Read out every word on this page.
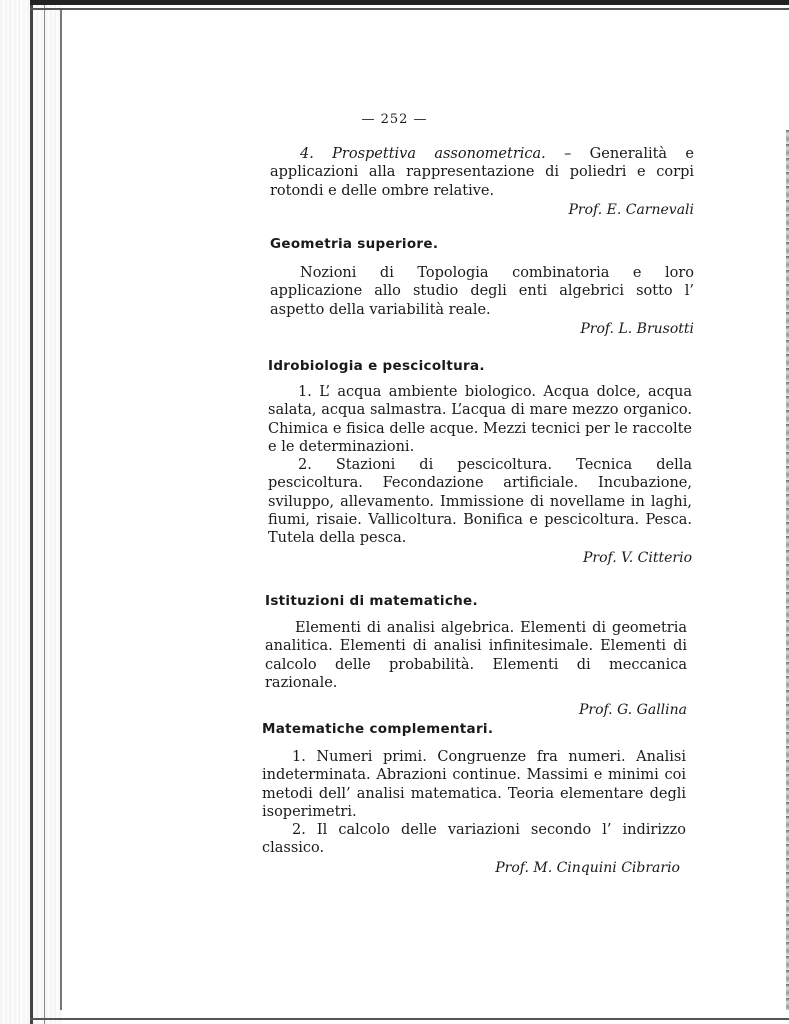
— 252 —

4. Prospettiva assonometrica. – Generalità e applicazioni alla rappresentazione di poliedri e corpi rotondi e delle ombre relative.

Prof. E. Carnevali
Geometria superiore.

Nozioni di Topologia combinatoria e loro applicazione allo studio degli enti algebrici sotto l’ aspetto della variabilità reale.

Prof. L. Brusotti
Idrobiologia e pescicoltura.

1. L’ acqua ambiente biologico. Acqua dolce, acqua salata, acqua salmastra. L’acqua di mare mezzo organico. Chimica e fisica delle acque. Mezzi tecnici per le raccolte e le determinazioni.

2. Stazioni di pescicoltura. Tecnica della pescicoltura. Fecondazione artificiale. Incubazione, sviluppo, allevamento. Immissione di novellame in laghi, fiumi, risaie. Vallicoltura. Bonifica e pescicoltura. Pesca. Tutela della pesca.

Prof. V. Citterio
Istituzioni di matematiche.

Elementi di analisi algebrica. Elementi di geometria analitica. Elementi di analisi infinitesimale. Elementi di calcolo delle probabilità. Elementi di meccanica razionale.

Prof. G. Gallina
Matematiche complementari.

1. Numeri primi. Congruenze fra numeri. Analisi indeterminata. Abrazioni continue. Massimi e minimi coi metodi dell’ analisi matematica. Teoria elementare degli isoperimetri.

2. Il calcolo delle variazioni secondo l’ indirizzo classico.

Prof. M. Cinquini Cibrario
